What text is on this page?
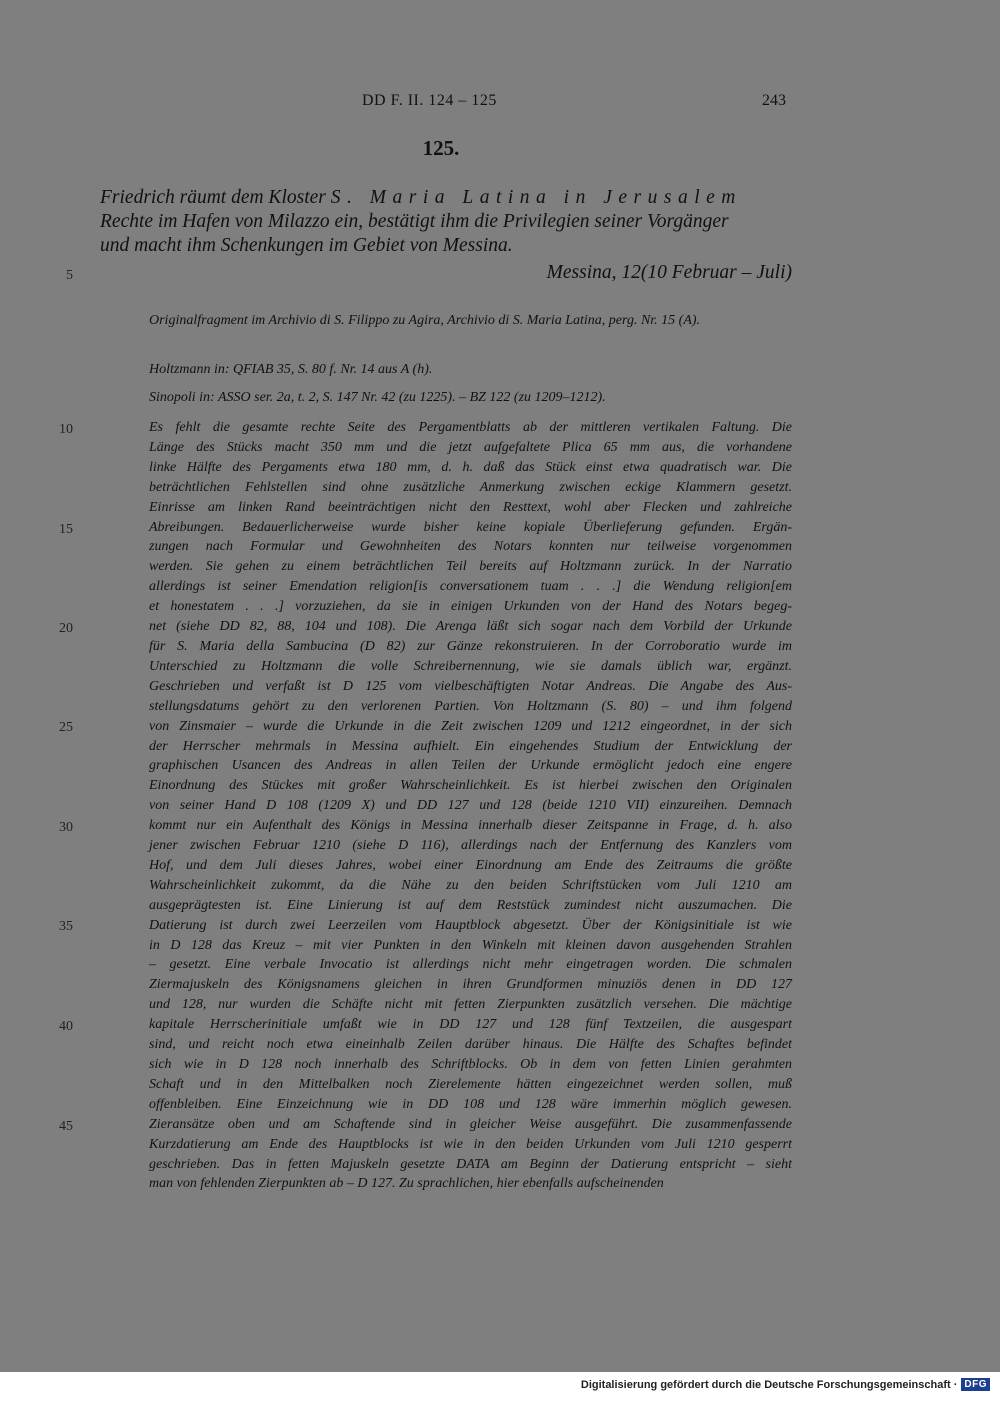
DD F. II. 124 – 125	243
125.
Friedrich räumt dem Kloster S. Maria Latina in Jerusalem
Rechte im Hafen von Milazzo ein, bestätigt ihm die Privilegien seiner Vorgänger
und macht ihm Schenkungen im Gebiet von Messina.
Messina, 12(10 Februar – Juli)
5
10
15
20
25
30
35
40
45
Originalfragment im Archivio di S. Filippo zu Agira, Archivio di S. Maria Latina, perg. Nr. 15 (A).
Holtzmann in: QFIAB 35, S. 80 f. Nr. 14 aus A (h).
Sinopoli in: ASSO ser. 2a, t. 2, S. 147 Nr. 42 (zu 1225). – BZ 122 (zu 1209–1212).
Es fehlt die gesamte rechte Seite des Pergamentblatts ab der mittleren vertikalen Faltung. Die
Länge des Stücks macht 350 mm und die jetzt aufgefaltete Plica 65 mm aus, die vorhandene
linke Hälfte des Pergaments etwa 180 mm, d. h. daß das Stück einst etwa quadratisch war. Die
beträchtlichen Fehlstellen sind ohne zusätzliche Anmerkung zwischen eckige Klammern gesetzt.
Einrisse am linken Rand beeinträchtigen nicht den Resttext, wohl aber Flecken und zahlreiche
Abreibungen. Bedauerlicherweise wurde bisher keine kopiale Überlieferung gefunden. Ergän-
zungen nach Formular und Gewohnheiten des Notars konnten nur teilweise vorgenommen
werden. Sie gehen zu einem beträchtlichen Teil bereits auf Holtzmann zurück. In der Narratio
allerdings ist seiner Emendation religion[is conversationem tuam . . .] die Wendung religion[em
et honestatem . . .] vorzuziehen, da sie in einigen Urkunden von der Hand des Notars begeg-
net (siehe DD 82, 88, 104 und 108). Die Arenga läßt sich sogar nach dem Vorbild der Urkunde
für S. Maria della Sambucina (D 82) zur Gänze rekonstruieren. In der Corroboratio wurde im
Unterschied zu Holtzmann die volle Schreibernennung, wie sie damals üblich war, ergänzt.
Geschrieben und verfaßt ist D 125 vom vielbeschäftigten Notar Andreas. Die Angabe des Aus-
stellungsdatums gehört zu den verlorenen Partien. Von Holtzmann (S. 80) – und ihm folgend
von Zinsmaier – wurde die Urkunde in die Zeit zwischen 1209 und 1212 eingeordnet, in der sich
der Herrscher mehrmals in Messina aufhielt. Ein eingehendes Studium der Entwicklung der
graphischen Usancen des Andreas in allen Teilen der Urkunde ermöglicht jedoch eine engere
Einordnung des Stückes mit großer Wahrscheinlichkeit. Es ist hierbei zwischen den Originalen
von seiner Hand D 108 (1209 X) und DD 127 und 128 (beide 1210 VII) einzureihen. Demnach
kommt nur ein Aufenthalt des Königs in Messina innerhalb dieser Zeitspanne in Frage, d. h. also
jener zwischen Februar 1210 (siehe D 116), allerdings nach der Entfernung des Kanzlers vom
Hof, und dem Juli dieses Jahres, wobei einer Einordnung am Ende des Zeitraums die größte
Wahrscheinlichkeit zukommt, da die Nähe zu den beiden Schriftstücken vom Juli 1210 am
ausgeprägtesten ist. Eine Linierung ist auf dem Reststück zumindest nicht auszumachen. Die
Datierung ist durch zwei Leerzeilen vom Hauptblock abgesetzt. Über der Königsinitiale ist wie
in D 128 das Kreuz – mit vier Punkten in den Winkeln mit kleinen davon ausgehenden Strahlen
– gesetzt. Eine verbale Invocatio ist allerdings nicht mehr eingetragen worden. Die schmalen
Ziermajuskeln des Königsnamens gleichen in ihren Grundformen minuziös denen in DD 127
und 128, nur wurden die Schäfte nicht mit fetten Zierpunkten zusätzlich versehen. Die mächtige
kapitale Herrscherinitiale umfaßt wie in DD 127 und 128 fünf Textzeilen, die ausgespart
sind, und reicht noch etwa eineinhalb Zeilen darüber hinaus. Die Hälfte des Schaftes befindet
sich wie in D 128 noch innerhalb des Schriftblocks. Ob in dem von fetten Linien gerahmten
Schaft und in den Mittelbalken noch Zierelemente hätten eingezeichnet werden sollen, muß
offenbleiben. Eine Einzeichnung wie in DD 108 und 128 wäre immerhin möglich gewesen.
Zieransätze oben und am Schaftende sind in gleicher Weise ausgeführt. Die zusammenfassende
Kurzdatierung am Ende des Hauptblocks ist wie in den beiden Urkunden vom Juli 1210 gesperrt
geschrieben. Das in fetten Majuskeln gesetzte DATA am Beginn der Datierung entspricht – sieht
man von fehlenden Zierpunkten ab – D 127. Zu sprachlichen, hier ebenfalls aufscheinenden
Digitalisierung gefördert durch die Deutsche Forschungsgemeinschaft · DFG
